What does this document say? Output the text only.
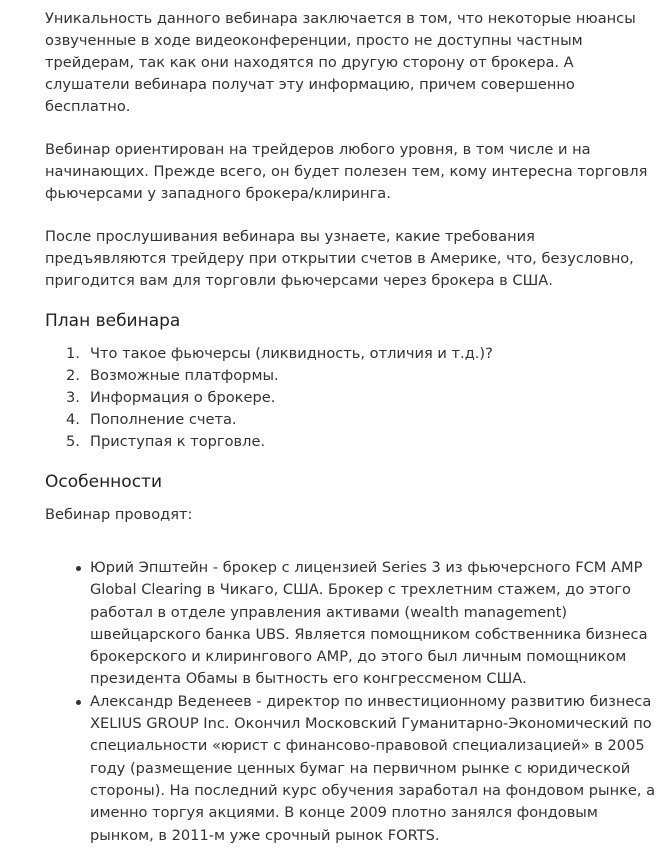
Уникальность данного вебинара заключается в том, что некоторые нюансы озвученные в ходе видеоконференции, просто не доступны частным трейдерам, так как они находятся по другую сторону от брокера. А слушатели вебинара получат эту информацию, причем совершенно бесплатно.

Вебинар ориентирован на трейдеров любого уровня, в том числе и на начинающих. Прежде всего, он будет полезен тем, кому интересна торговля фьючерсами у западного брокера/клиринга.

После прослушивания вебинара вы узнаете, какие требования предъявляются трейдеру при открытии счетов в Америке, что, безусловно, пригодится вам для торговли фьючерсами через брокера в США.

План вебинара
1. Что такое фьючерсы (ликвидность, отличия и т.д.)?
2. Возможные платформы.
3. Информация о брокере.
4. Пополнение счета.
5. Приступая к торговле.
Особенности

Вебинар проводят:

Юрий Эпштейн - брокер с лицензией Series 3 из фьючерсного FCM AMP Global Clearing в Чикаго, США. Брокер с трехлетним стажем, до этого работал в отделе управления активами (wealth management) швейцарского банка UBS. Является помощником собственника бизнеса брокерского и клирингового AMP, до этого был личным помощником президента Обамы в бытность его конгрессменом США.
Александр Веденеев - директор по инвестиционному развитию бизнеса XELIUS GROUP Inc. Окончил Московский Гуманитарно-Экономический по специальности «юрист с финансово-правовой специализацией» в 2005 году (размещение ценных бумаг на первичном рынке с юридической стороны). На последний курс обучения заработал на фондовом рынке, а именно торгуя акциями. В конце 2009 плотно занялся фондовым рынком, в 2011-м уже срочный рынок FORTS.
